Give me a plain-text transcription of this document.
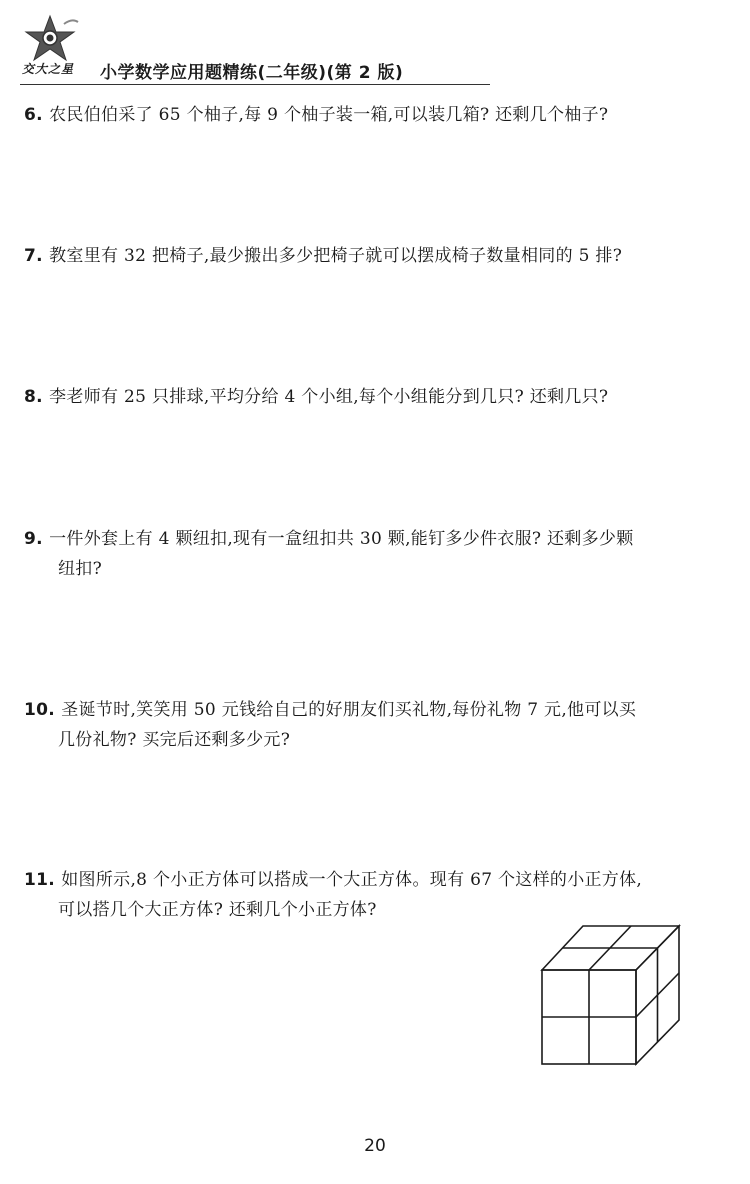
交大之星 小学数学应用题精练(二年级)(第 2 版)
6. 农民伯伯采了 65 个柚子,每 9 个柚子装一箱,可以装几箱? 还剩几个柚子?
7. 教室里有 32 把椅子,最少搬出多少把椅子就可以摆成椅子数量相同的 5 排?
8. 李老师有 25 只排球,平均分给 4 个小组,每个小组能分到几只? 还剩几只?
9. 一件外套上有 4 颗纽扣,现有一盒纽扣共 30 颗,能钉多少件衣服? 还剩多少颗
纽扣?
10. 圣诞节时,笑笑用 50 元钱给自己的好朋友们买礼物,每份礼物 7 元,他可以买
几份礼物? 买完后还剩多少元?
11. 如图所示,8 个小正方体可以搭成一个大正方体。现有 67 个这样的小正方体,
可以搭几个大正方体? 还剩几个小正方体?
20
